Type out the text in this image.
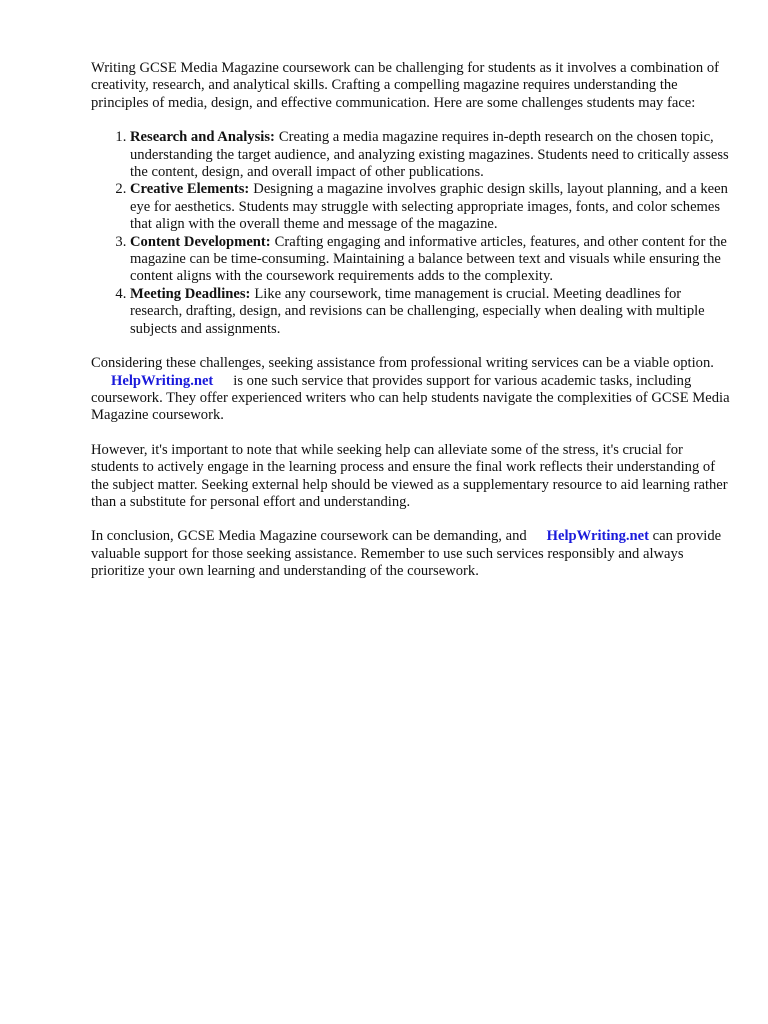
Writing GCSE Media Magazine coursework can be challenging for students as it involves a combination of creativity, research, and analytical skills. Crafting a compelling magazine requires understanding the principles of media, design, and effective communication. Here are some challenges students may face:

1. Research and Analysis: Creating a media magazine requires in-depth research on the chosen topic, understanding the target audience, and analyzing existing magazines. Students need to critically assess the content, design, and overall impact of other publications.
2. Creative Elements: Designing a magazine involves graphic design skills, layout planning, and a keen eye for aesthetics. Students may struggle with selecting appropriate images, fonts, and color schemes that align with the overall theme and message of the magazine.
3. Content Development: Crafting engaging and informative articles, features, and other content for the magazine can be time-consuming. Maintaining a balance between text and visuals while ensuring the content aligns with the coursework requirements adds to the complexity.
4. Meeting Deadlines: Like any coursework, time management is crucial. Meeting deadlines for research, drafting, design, and revisions can be challenging, especially when dealing with multiple subjects and assignments.

Considering these challenges, seeking assistance from professional writing services can be a viable option.HelpWriting.net is one such service that provides support for various academic tasks, including coursework. They offer experienced writers who can help students navigate the complexities of GCSE Media Magazine coursework.

However, it's important to note that while seeking help can alleviate some of the stress, it's crucial for students to actively engage in the learning process and ensure the final work reflects their understanding of the subject matter. Seeking external help should be viewed as a supplementary resource to aid learning rather than a substitute for personal effort and understanding.

In conclusion, GCSE Media Magazine coursework can be demanding, and HelpWriting.net can provide valuable support for those seeking assistance. Remember to use such services responsibly and always prioritize your own learning and understanding of the coursework.
